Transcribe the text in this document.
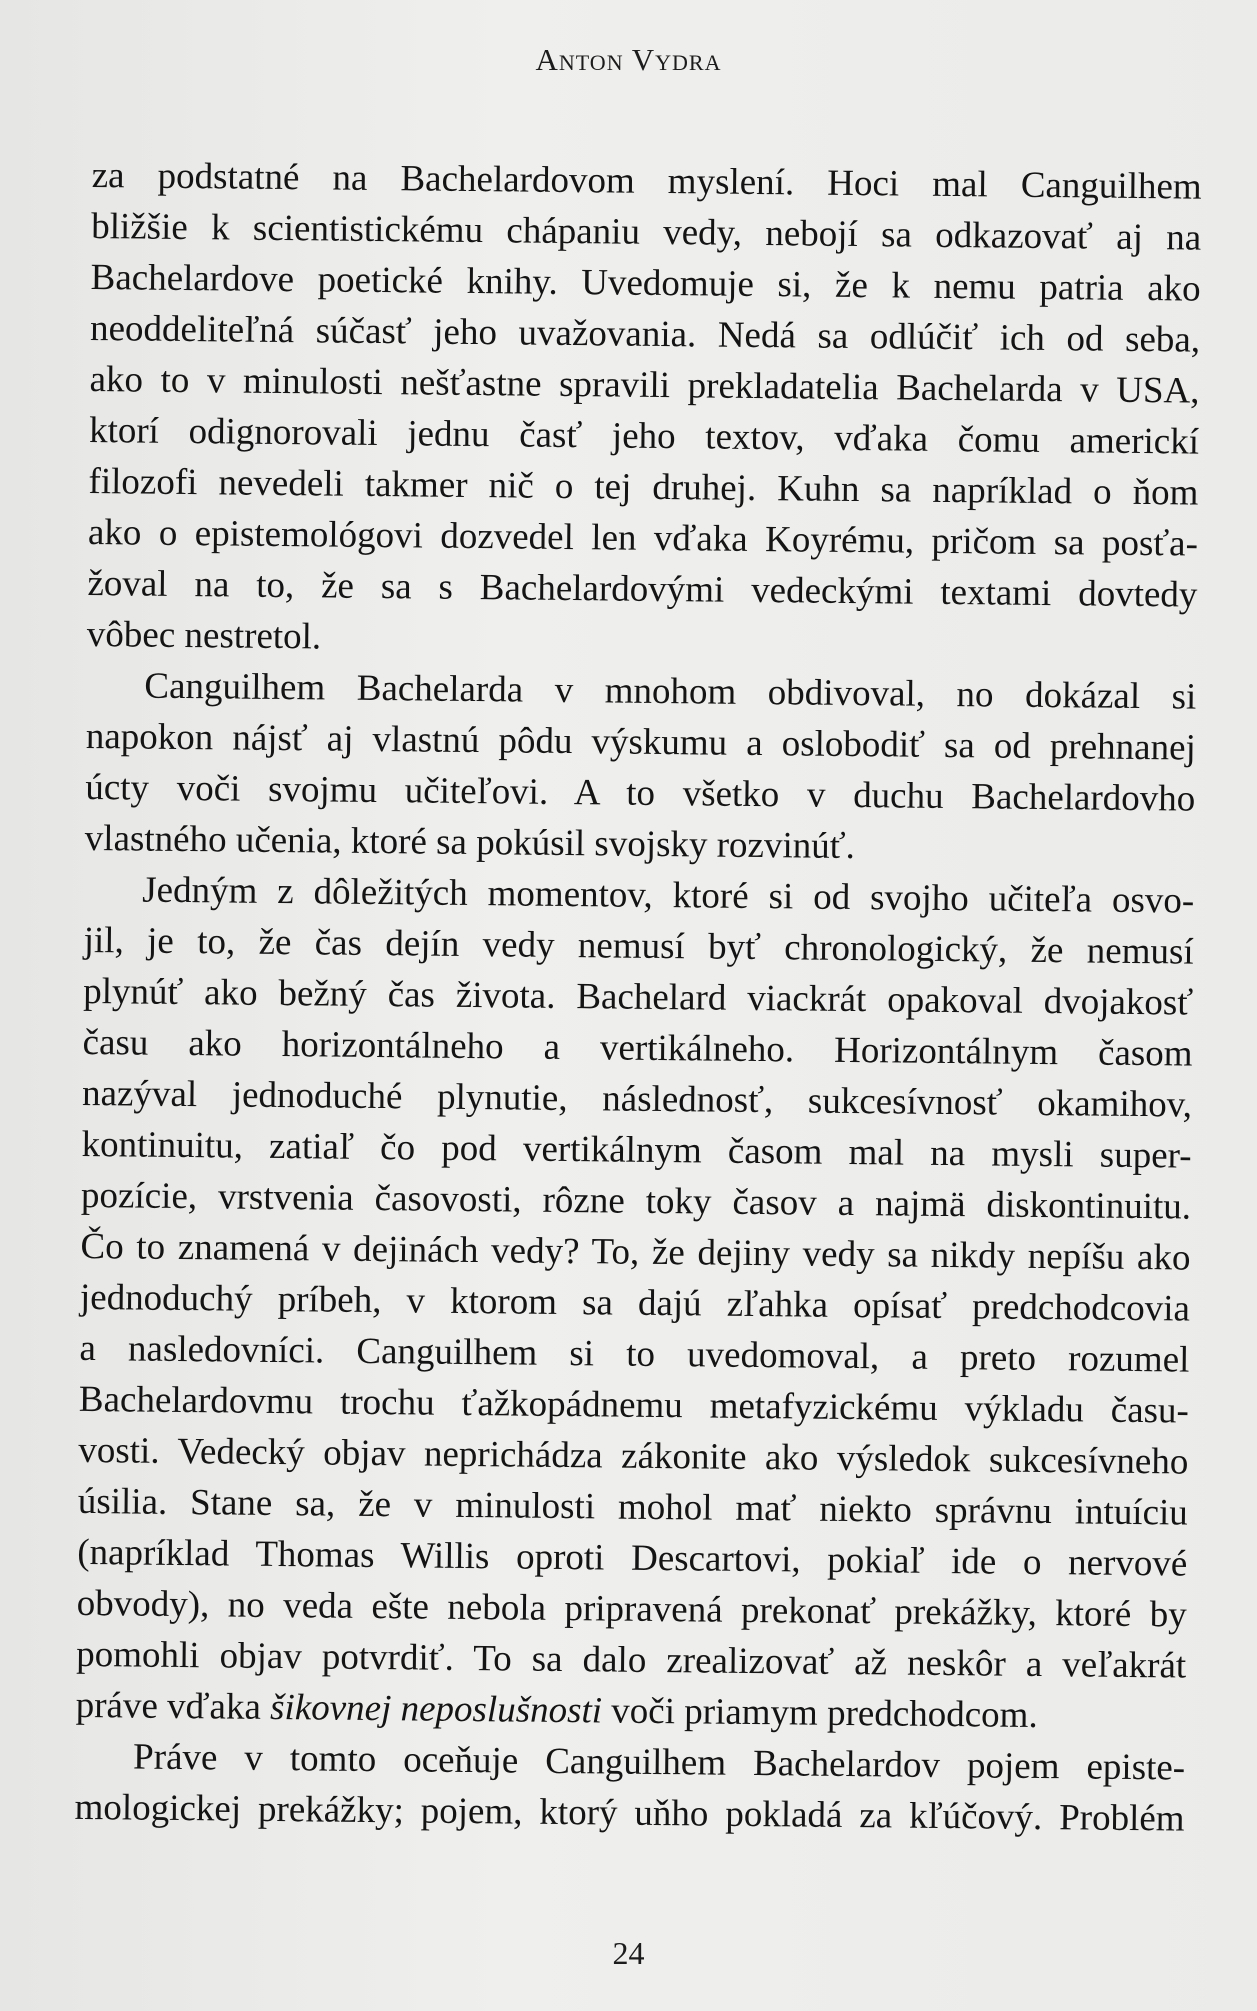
Anton Vydra
za podstatné na Bachelardovom myslení. Hoci mal Canguilhem
bližšie k scientistickému chápaniu vedy, nebojí sa odkazovať aj na
Bachelardove poetické knihy. Uvedomuje si, že k nemu patria ako
neoddeliteľná súčasť jeho uvažovania. Nedá sa odlúčiť ich od seba,
ako to v minulosti nešťastne spravili prekladatelia Bachelarda v USA,
ktorí odignorovali jednu časť jeho textov, vďaka čomu americkí
filozofi nevedeli takmer nič o tej druhej. Kuhn sa napríklad o ňom
ako o epistemológovi dozvedel len vďaka Koyrému, pričom sa posťa-
žoval na to, že sa s Bachelardovými vedeckými textami dovtedy
vôbec nestretol.
Canguilhem Bachelarda v mnohom obdivoval, no dokázal si
napokon nájsť aj vlastnú pôdu výskumu a oslobodiť sa od prehnanej
úcty voči svojmu učiteľovi. A to všetko v duchu Bachelardovho
vlastného učenia, ktoré sa pokúsil svojsky rozvinúť.
Jedným z dôležitých momentov, ktoré si od svojho učiteľa osvo-
jil, je to, že čas dejín vedy nemusí byť chronologický, že nemusí
plynúť ako bežný čas života. Bachelard viackrát opakoval dvojakosť
času ako horizontálneho a vertikálneho. Horizontálnym časom
nazýval jednoduché plynutie, následnosť, sukcesívnosť okamihov,
kontinuitu, zatiaľ čo pod vertikálnym časom mal na mysli super-
pozície, vrstvenia časovosti, rôzne toky časov a najmä diskontinuitu.
Čo to znamená v dejinách vedy? To, že dejiny vedy sa nikdy nepíšu ako
jednoduchý príbeh, v ktorom sa dajú zľahka opísať predchodcovia
a nasledovníci. Canguilhem si to uvedomoval, a preto rozumel
Bachelardovmu trochu ťažkopádnemu metafyzickému výkladu času-
vosti. Vedecký objav neprichádza zákonite ako výsledok sukcesívneho
úsilia. Stane sa, že v minulosti mohol mať niekto správnu intuíciu
(napríklad Thomas Willis oproti Descartovi, pokiaľ ide o nervové
obvody), no veda ešte nebola pripravená prekonať prekážky, ktoré by
pomohli objav potvrdiť. To sa dalo zrealizovať až neskôr a veľakrát
práve vďaka šikovnej neposlušnosti voči priamym predchodcom.
Práve v tomto oceňuje Canguilhem Bachelardov pojem episte-
mologickej prekážky; pojem, ktorý uňho pokladá za kľúčový. Problém
24
